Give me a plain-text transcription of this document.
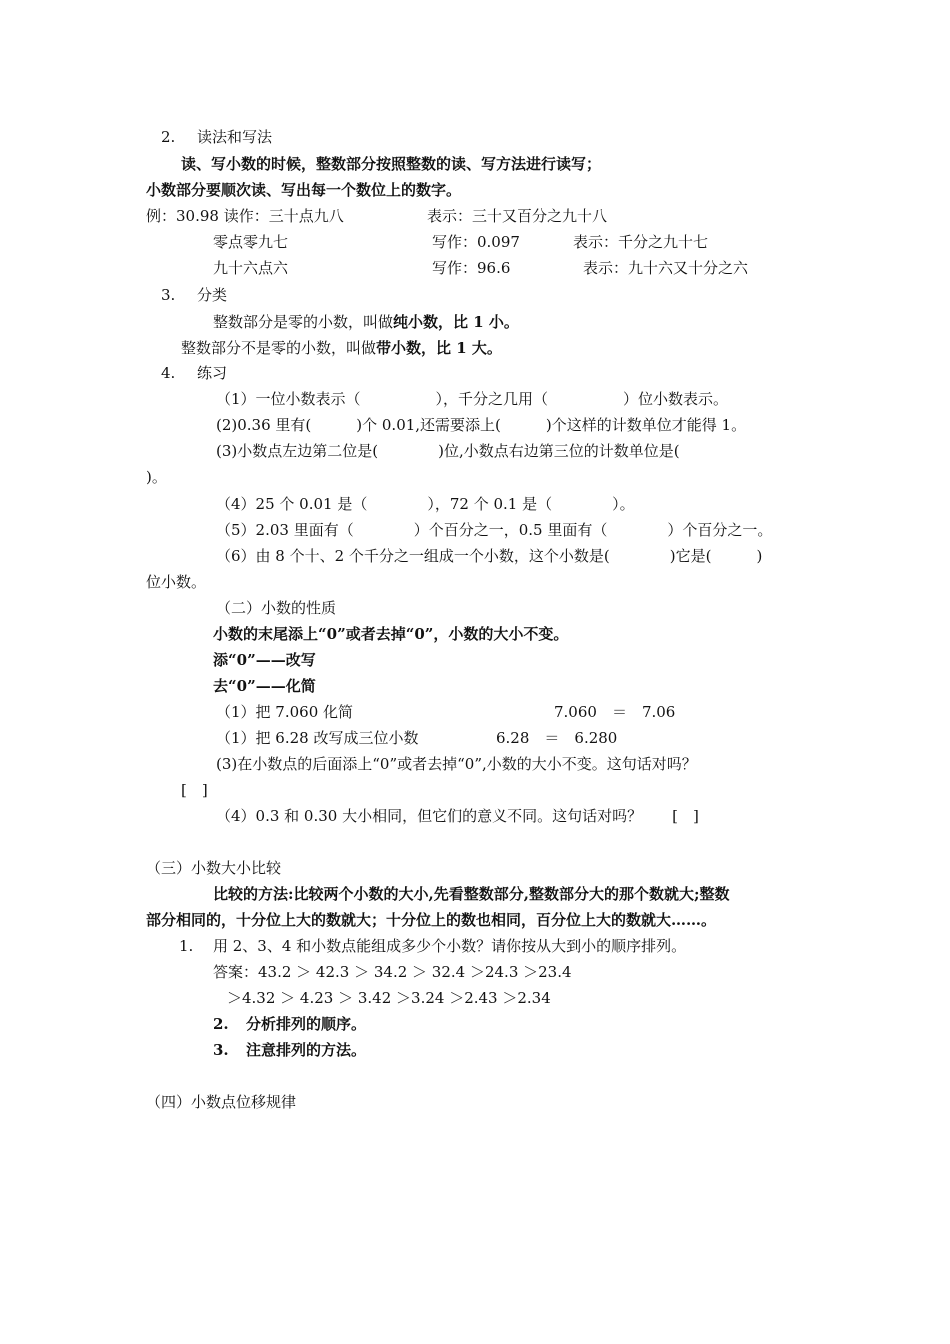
2. 读法和写法
读、写小数的时候，整数部分按照整数的读、写方法进行读写；
小数部分要顺次读、写出每一个数位上的数字。
例：30.98 读作：三十点九八	表示：三十又百分之九十八
零点零九七	写作：0.097	表示：千分之九十七
九十六点六	写作：96.6	表示：九十六又十分之六
3. 分类
整数部分是零的小数，叫做纯小数，比 1 小。
整数部分不是零的小数，叫做带小数，比 1 大。
4. 练习
（1）一位小数表示（　　　　　），千分之几用（　　　　　）位小数表示。
(2)0.36 里有(　　　)个 0.01,还需要添上(　　　)个这样的计数单位才能得 1。
(3)小数点左边第二位是(　　　　)位,小数点右边第三位的计数单位是(
)。
（4）25 个 0.01 是（　　　　），72 个 0.1 是（　　　　）。
（5）2.03 里面有（　　　　）个百分之一，0.5 里面有（　　　　）个百分之一。
（6）由 8 个十、2 个千分之一组成一个小数，这个小数是(　　　　)它是(　　　)
位小数。
（二）小数的性质
小数的末尾添上“0”或者去掉“0”，小数的大小不变。
添“0”——改写
去“0”——化简
（1）把 7.060 化简	7.060　＝　7.06
（1）把 6.28 改写成三位小数	6.28　＝　6.280
(3)在小数点的后面添上“0”或者去掉“0”,小数的大小不变。这句话对吗？
[　]
（4）0.3 和 0.30 大小相同，但它们的意义不同。这句话对吗？　　[　]
（三）小数大小比较
比较的方法:比较两个小数的大小,先看整数部分,整数部分大的那个数就大;整数
部分相同的，十分位上大的数就大；十分位上的数也相同，百分位上大的数就大……。
1. 用 2、3、4 和小数点能组成多少个小数？请你按从大到小的顺序排列。
答案：43.2 ＞ 42.3 ＞ 34.2 ＞ 32.4 ＞24.3 ＞23.4
＞4.32 ＞ 4.23 ＞ 3.42 ＞3.24 ＞2.43 ＞2.34
2. 分析排列的顺序。
3. 注意排列的方法。
（四）小数点位移规律
